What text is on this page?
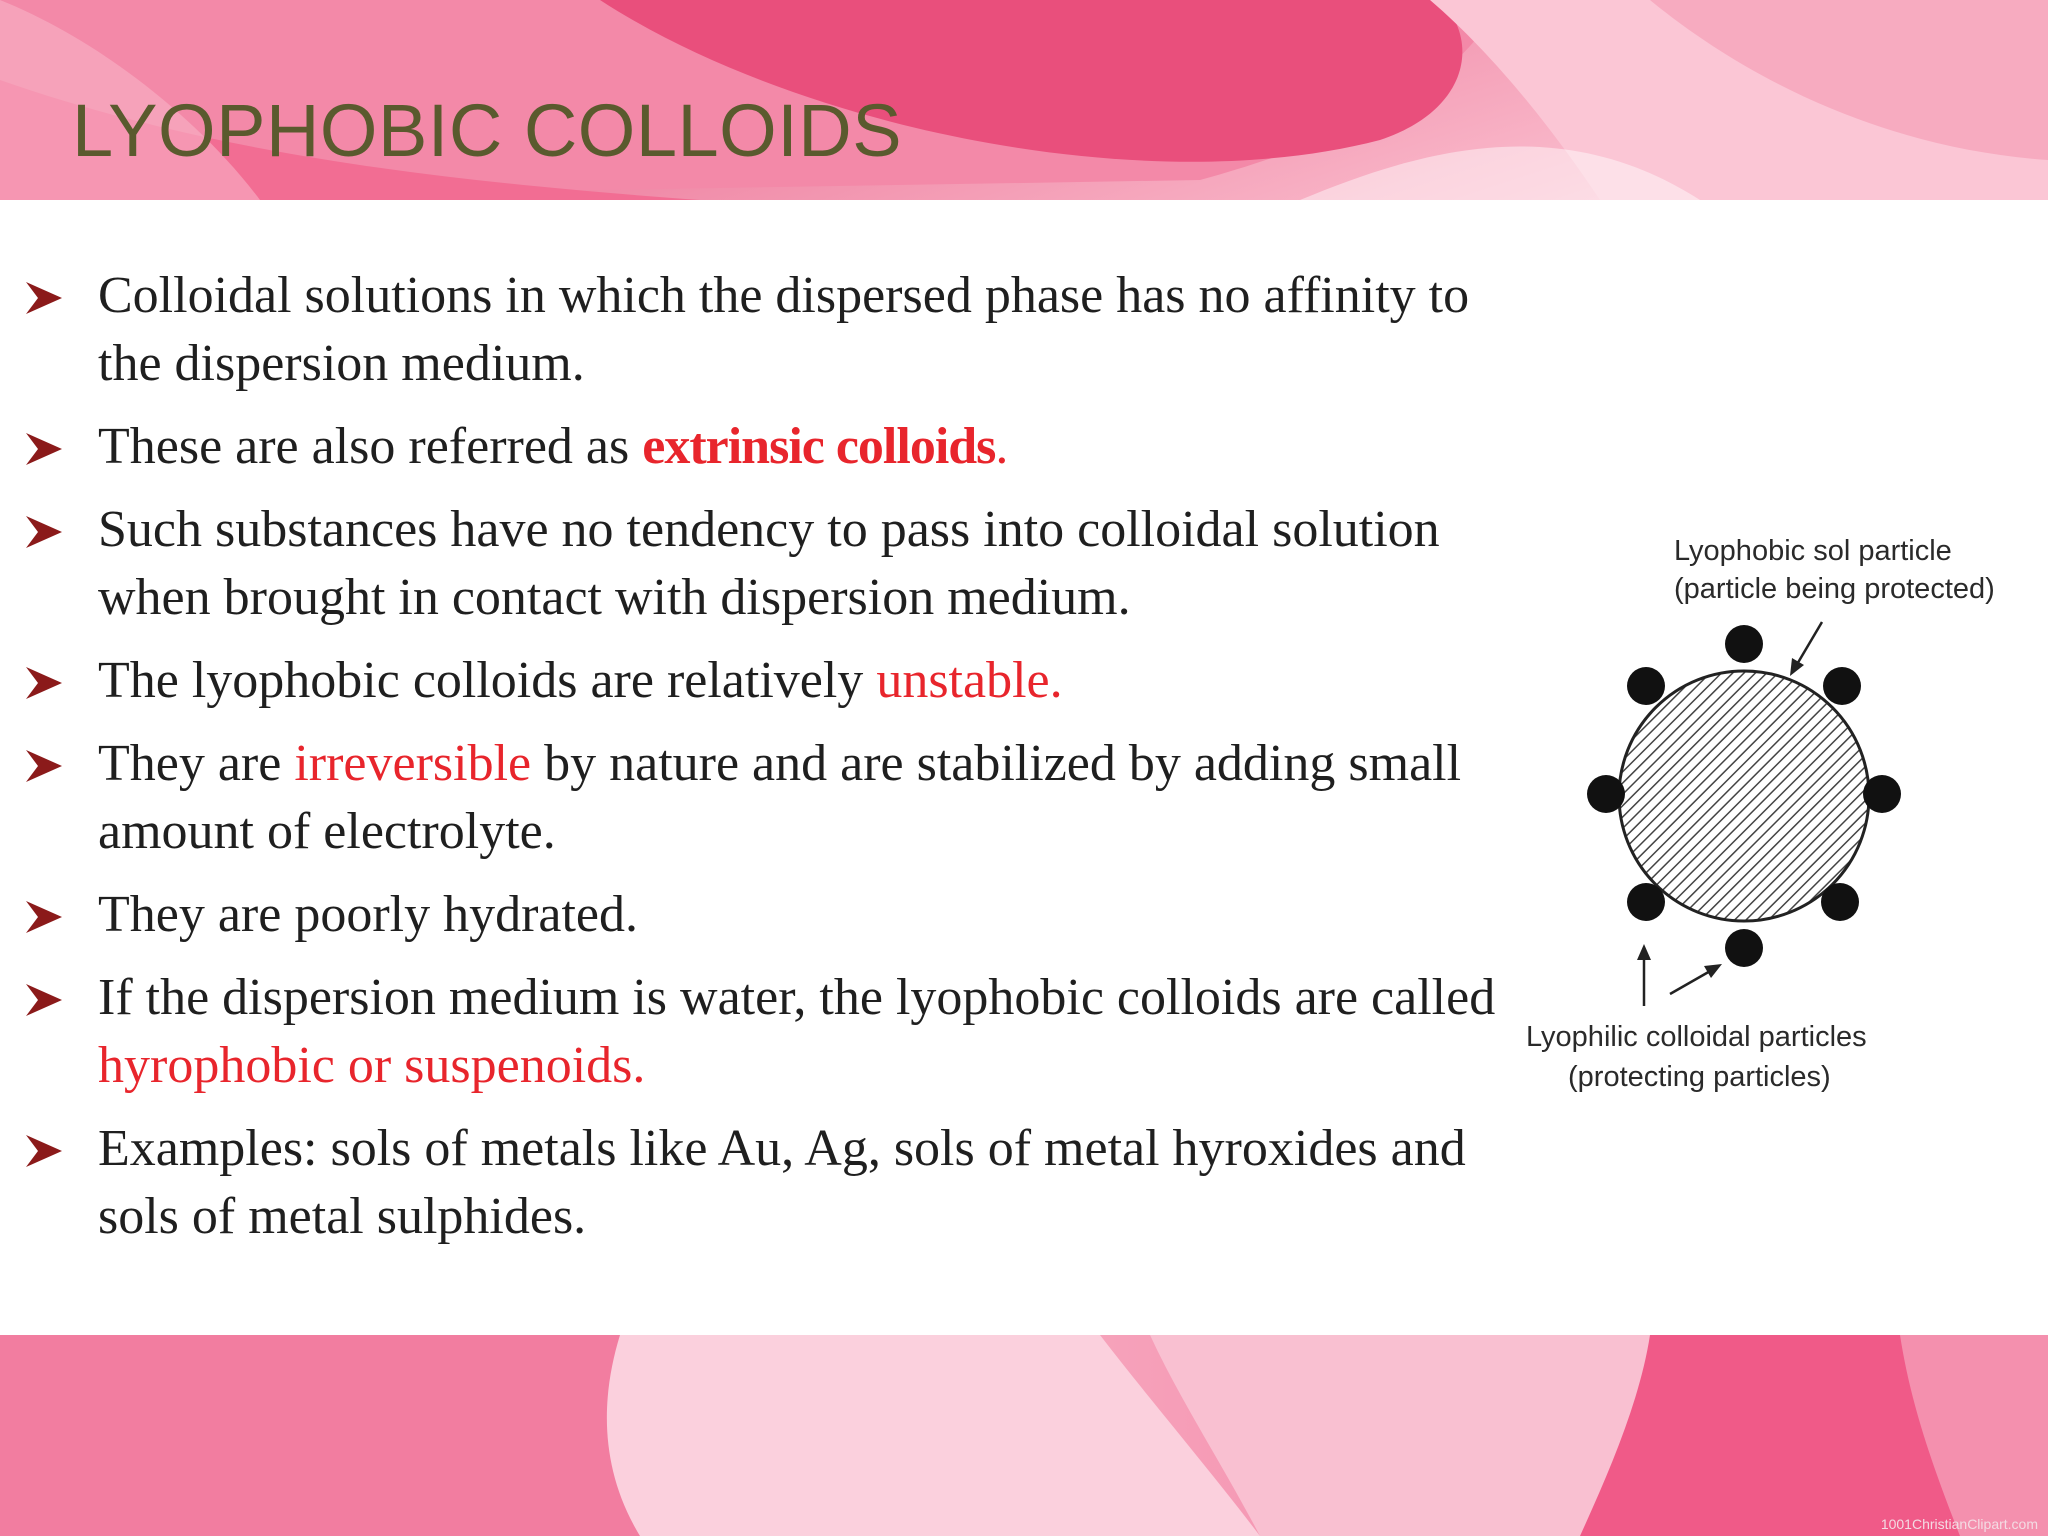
LYOPHOBIC COLLOIDS
Colloidal solutions in which the dispersed phase has no affinity to the dispersion medium.
These are also referred as extrinsic colloids.
Such substances have no tendency to pass into colloidal solution when brought in contact with dispersion medium.
The lyophobic colloids are relatively unstable.
They are irreversible by nature and are stabilized by adding small amount of electrolyte.
They are poorly hydrated.
If the dispersion medium is water, the lyophobic colloids are called hyrophobic or suspenoids.
Examples: sols of metals like Au, Ag, sols of metal hyroxides and sols of metal sulphides.
Lyophobic sol particle
(particle being protected)
Lyophilic colloidal particles
(protecting particles)
1001ChristianClipart.com
